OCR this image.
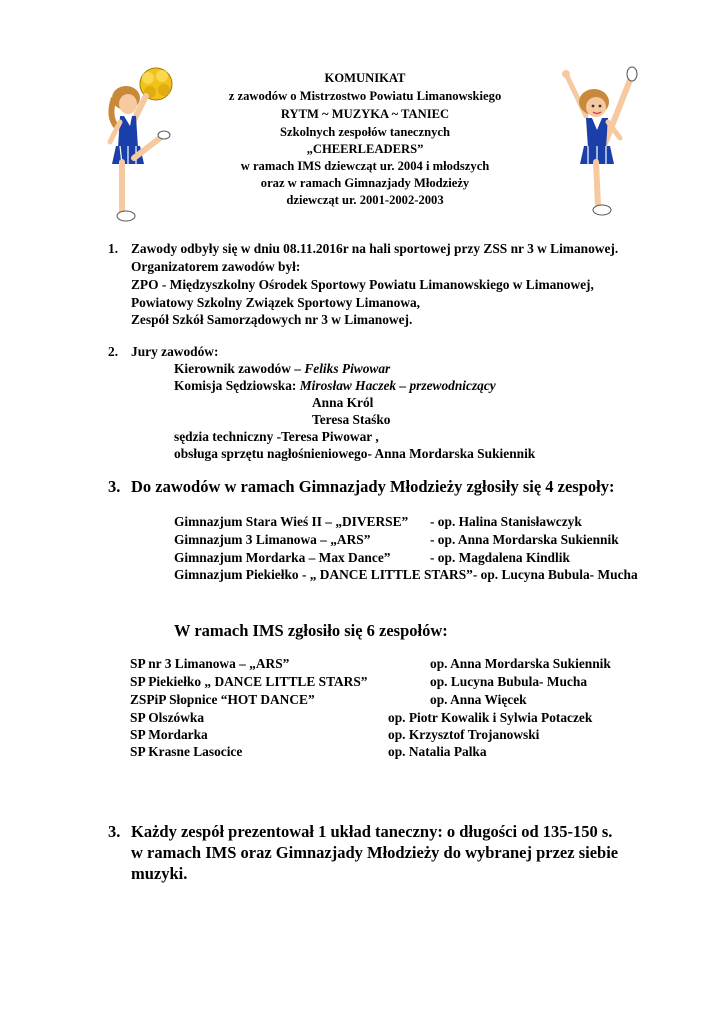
KOMUNIKAT
z zawodów o Mistrzostwo Powiatu Limanowskiego
RYTM ~ MUZYKA ~ TANIEC
Szkolnych zespołów tanecznych
„CHEERLEADERS”
w ramach IMS dziewcząt ur. 2004 i młodszych
oraz w ramach Gimnazjady Młodzieży
dziewcząt ur. 2001-2002-2003
1. Zawody odbyły się w dniu 08.11.2016r na hali sportowej przy ZSS nr 3 w Limanowej.
Organizatorem zawodów był:
ZPO - Międzyszkolny Ośrodek Sportowy Powiatu Limanowskiego w Limanowej,
Powiatowy Szkolny Związek Sportowy Limanowa,
Zespół Szkół Samorządowych nr 3 w Limanowej.
2. Jury zawodów:
Kierownik zawodów – Feliks Piwowar
Komisja Sędziowska: Mirosław Haczek – przewodniczący
Anna Król
Teresa Staśko
sędzia techniczny -Teresa Piwowar ,
obsługa sprzętu nagłośnieniowego- Anna Mordarska Sukiennik
3. Do zawodów w ramach Gimnazjady Młodzieży zgłosiły się 4 zespoły:
Gimnazjum Stara Wieś II – „DIVERSE” - op. Halina Stanisławczyk
Gimnazjum 3 Limanowa – „ARS”	- op. Anna Mordarska Sukiennik
Gimnazjum Mordarka – Max Dance”	- op. Magdalena Kindlik
Gimnazjum Piekiełko - „ DANCE LITTLE STARS”- op. Lucyna Bubula- Mucha
W ramach IMS zgłosiło się 6 zespołów:
SP nr 3 Limanowa – „ARS”	op. Anna Mordarska Sukiennik
SP Piekiełko „ DANCE LITTLE STARS”	op. Lucyna Bubula- Mucha
ZSPiP Słopnice “HOT DANCE”	op. Anna Więcek
SP Olszówka	op. Piotr Kowalik i Sylwia Potaczek
SP Mordarka	op. Krzysztof Trojanowski
SP Krasne Lasocice	op. Natalia Palka
3. Każdy zespół prezentował 1 układ taneczny: o długości od 135-150 s.
w ramach IMS oraz Gimnazjady Młodzieży do wybranej przez siebie
muzyki.
